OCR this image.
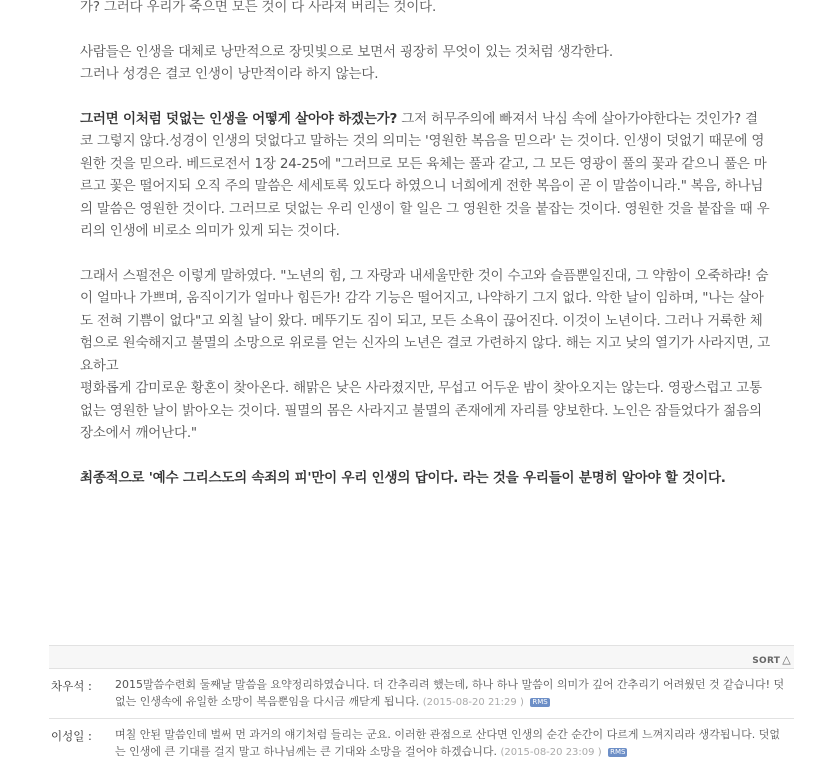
가? 그러다 우리가 죽으면 모든 것이 다 사라져 버리는 것이다.

사람들은 인생을 대체로 낭만적으로 장밋빛으로 보면서 굉장히 무엇이 있는 것처럼 생각한다.
그러나 성경은 결코 인생이 낭만적이라 하지 않는다.

그러면 이처럼 덧없는 인생을 어떻게 살아야 하겠는가? 그저 허무주의에 빠져서 낙심 속에 살아가야한다는 것인가? 결코 그렇지 않다.성경이 인생의 덧없다고 말하는 것의 의미는 '영원한 복음을 믿으라' 는 것이다. 인생이 덧없기 때문에 영원한 것을 믿으라. 베드로전서 1장 24-25에 "그러므로 모든 육체는 풀과 같고, 그 모든 영광이 풀의 꽃과 같으니 풀은 마르고 꽃은 떨어지되 오직 주의 말씀은 세세토록 있도다 하였으니 너희에게 전한 복음이 곧 이 말씀이니라." 복음, 하나님의 말씀은 영원한 것이다. 그러므로 덧없는 우리 인생이 할 일은 그 영원한 것을 붙잡는 것이다. 영원한 것을 붙잡을 때 우리의 인생에 비로소 의미가 있게 되는 것이다.

그래서 스펄전은 이렇게 말하였다. "노년의 힘, 그 자랑과 내세울만한 것이 수고와 슬픔뿐일진대, 그 약함이 오죽하랴! 숨이 얼마나 가쁘며, 움직이기가 얼마나 힘든가! 감각 기능은 떨어지고, 나약하기 그지 없다. 악한 날이 임하며, "나는 살아도 전혀 기쁨이 없다"고 외칠 날이 왔다. 메뚜기도 짐이 되고, 모든 소욕이 끊어진다. 이것이 노년이다. 그러나 거룩한 체험으로 원숙해지고 불멸의 소망으로 위로를 얻는 신자의 노년은 결코 가련하지 않다. 해는 지고 낮의 열기가 사라지면, 고요하고
평화롭게 감미로운 황혼이 찾아온다. 해맑은 낮은 사라졌지만, 무섭고 어두운 밤이 찾아오지는 않는다. 영광스럽고 고통 없는 영원한 날이 밝아오는 것이다. 필멸의 몸은 사라지고 불멸의 존재에게 자리를 양보한다. 노인은 잠들었다가 젊음의 장소에서 깨어난다."

최종적으로 '예수 그리스도의 속죄의 피'만이 우리 인생의 답이다. 라는 것을 우리들이 분명히 알아야 할 것이다.

SORT △
차우석 : 2015말씀수련회 둘째날 말씀을 요약정리하였습니다. 더 간추리려 했는데, 하나 하나 말씀이 의미가 깊어 간추리기 어려웠던 것 같습니다! 덧없는 인생속에 유일한 소망이 복음뿐임을 다시금 깨닫게 됩니다. (2015-08-20 21:29 ) RMS
이성일 : 며칠 안된 말씀인데 벌써 먼 과거의 얘기처럼 들리는 군요. 이러한 관점으로 산다면 인생의 순간 순간이 다르게 느껴지리라 생각됩니다. 덧없는 인생에 큰 기대를 걸지 말고 하나님께는 큰 기대와 소망을 걸어야 하겠습니다. (2015-08-20 23:09 ) RMS
